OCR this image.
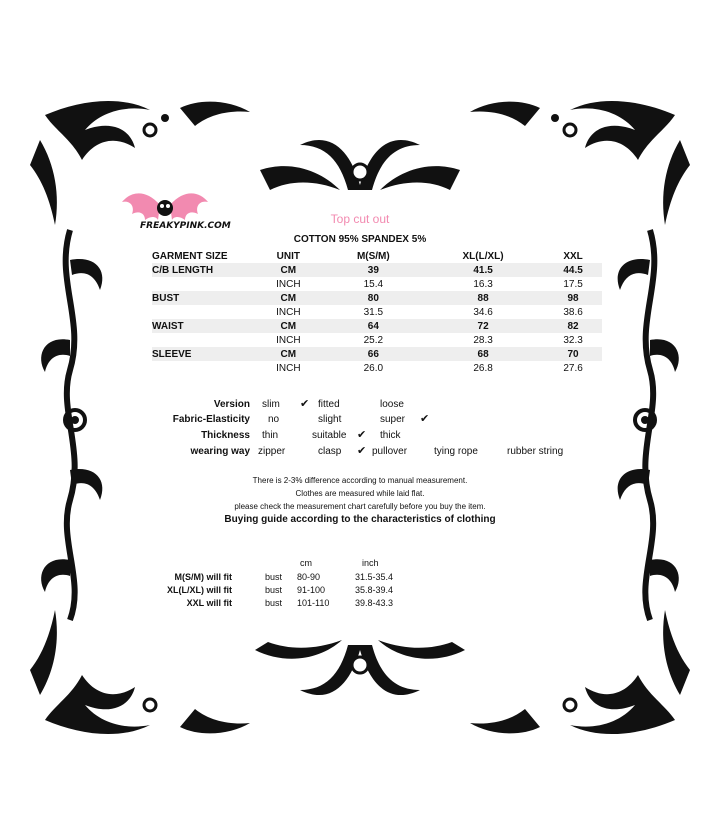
FREAKYPINK.COM	Top cut out
COTTON 95% SPANDEX 5%
GARMENT SIZE	UNIT	M(S/M)	XL(L/XL)	XXL
C/B LENGTH	CM	39	41.5	44.5
	INCH	15.4	16.3	17.5
BUST	CM	80	88	98
	INCH	31.5	34.6	38.6
WAIST	CM	64	72	82
	INCH	25.2	28.3	32.3
SLEEVE	CM	66	68	70
	INCH	26.0	26.8	27.6
Version slim ✔ fitted	loose
Fabric-Elasticity no	slight	super ✔
Thickness thin	suitable ✔ thick
wearing way zipper	clasp ✔ pullover	tying rope	rubber string
There is 2-3% difference according to manual measurement.
Clothes are measured while laid flat.
please check the measurement chart carefully before you buy the item.
Buying guide according to the characteristics of clothing
cm	inch
M(S/M) will fit	bust 80-90	31.5-35.4
XL(L/XL) will fit	bust 91-100	35.8-39.4
XXL will fit	bust 101-110	39.8-43.3
